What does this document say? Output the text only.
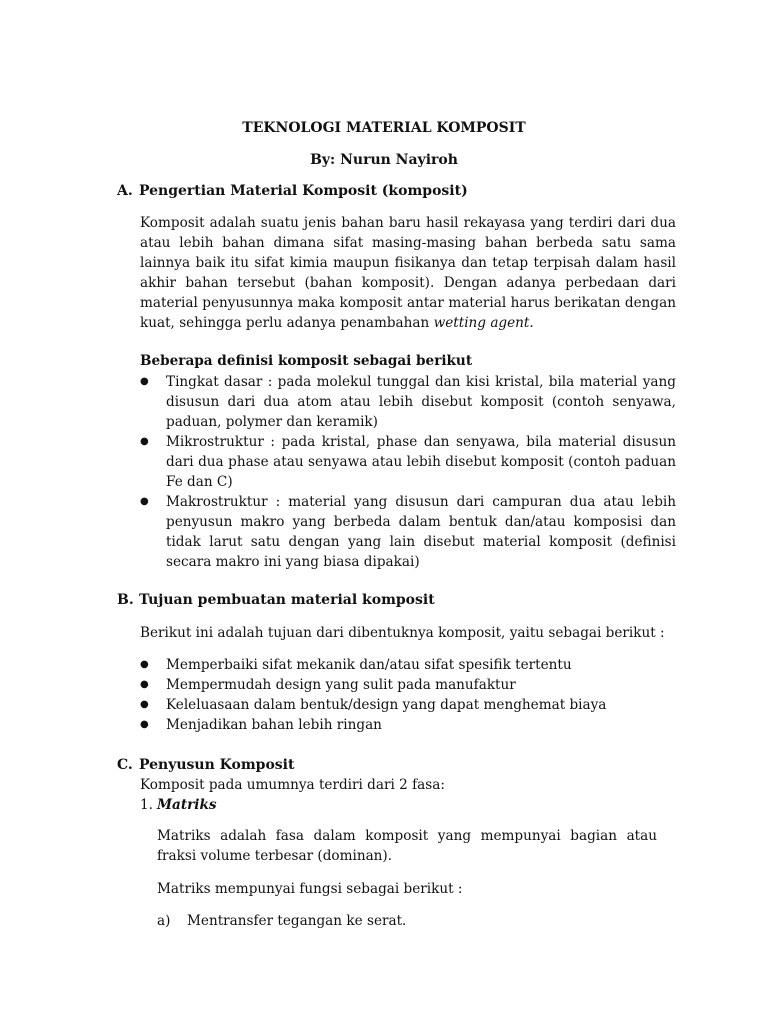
TEKNOLOGI MATERIAL KOMPOSIT
By: Nurun Nayiroh
A. Pengertian Material Komposit (komposit)
Komposit adalah suatu jenis bahan baru hasil rekayasa yang terdiri dari dua atau lebih bahan dimana sifat masing-masing bahan berbeda satu sama lainnya baik itu sifat kimia maupun fisikanya dan tetap terpisah dalam hasil akhir bahan tersebut (bahan komposit). Dengan adanya perbedaan dari material penyusunnya maka komposit antar material harus berikatan dengan kuat, sehingga perlu adanya penambahan wetting agent.
Beberapa definisi komposit sebagai berikut
●	Tingkat dasar : pada molekul tunggal dan kisi kristal, bila material yang disusun dari dua atom atau lebih disebut komposit (contoh senyawa, paduan, polymer dan keramik)
●	Mikrostruktur : pada kristal, phase dan senyawa, bila material disusun dari dua phase atau senyawa atau lebih disebut komposit (contoh paduan Fe dan C)
●	Makrostruktur : material yang disusun dari campuran dua atau lebih penyusun makro yang berbeda dalam bentuk dan/atau komposisi dan tidak larut satu dengan yang lain disebut material komposit (definisi secara makro ini yang biasa dipakai)
B. Tujuan pembuatan material komposit
Berikut ini adalah tujuan dari dibentuknya komposit, yaitu sebagai berikut :
●	Memperbaiki sifat mekanik dan/atau sifat spesifik tertentu
●	Mempermudah design yang sulit pada manufaktur
●	Keleluasaan dalam bentuk/design yang dapat menghemat biaya
●	Menjadikan bahan lebih ringan
C. Penyusun Komposit
Komposit pada umumnya terdiri dari 2 fasa:
1. Matriks
Matriks adalah fasa dalam komposit yang mempunyai bagian atau fraksi volume terbesar (dominan).
Matriks mempunyai fungsi sebagai berikut :
a) Mentransfer tegangan ke serat.
